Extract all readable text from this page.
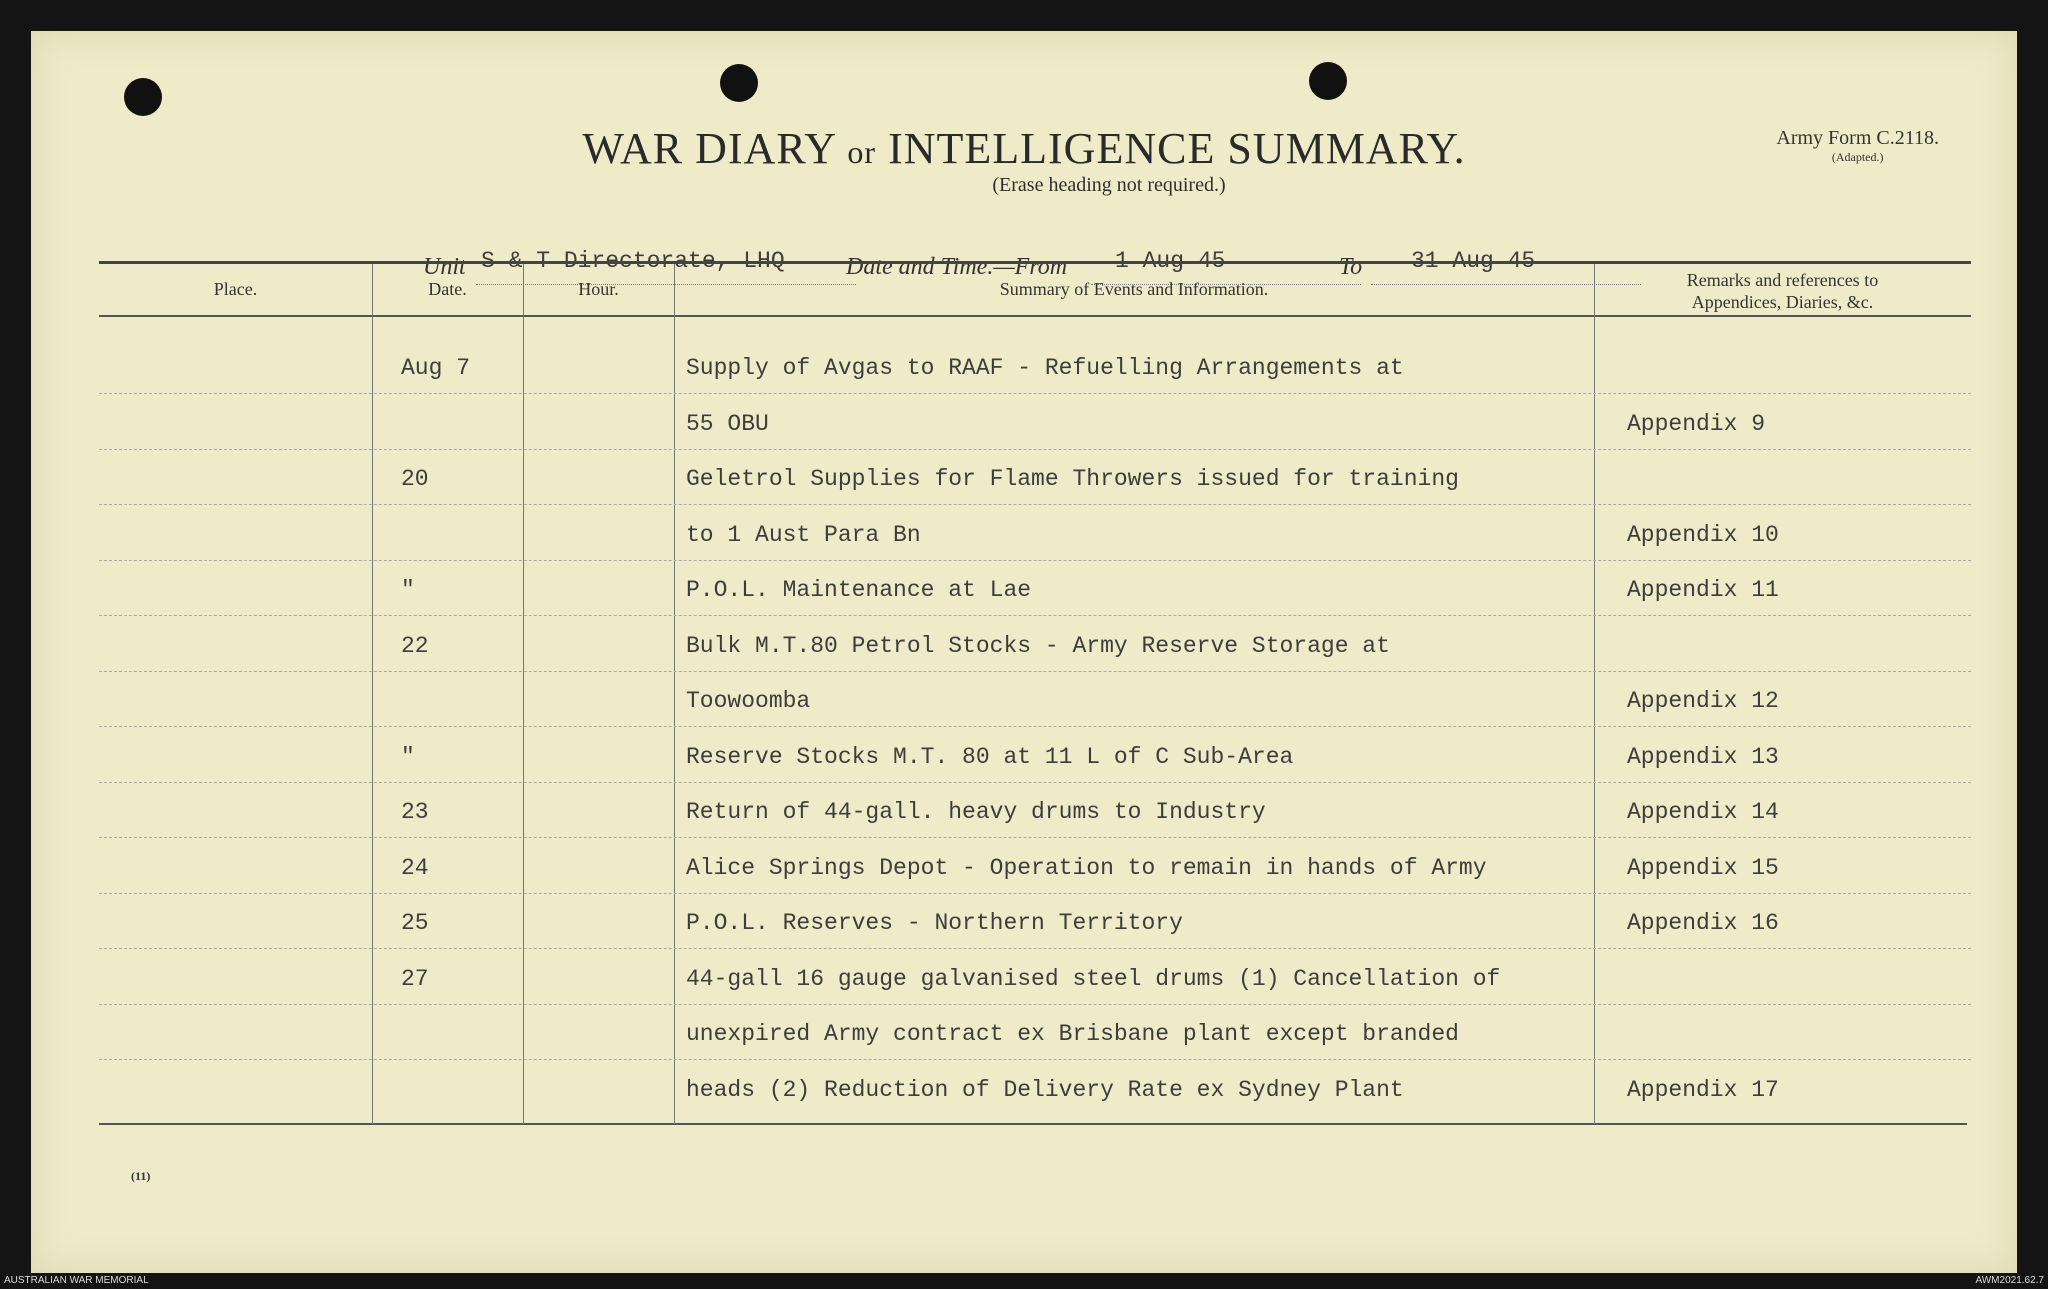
WAR DIARY or INTELLIGENCE SUMMARY.
(Erase heading not required.)
Army Form C.2118.
(Adapted.)
Unit S & T Directorate, LHQ	Date and Time.—From 1 Aug 45	To 31 Aug 45
Place.	Date.	Hour.	Summary of Events and Information.	Remarks and references to
Appendices, Diaries, &c.
Aug 7	Supply of Avgas to RAAF - Refuelling Arrangements at
55 OBU	Appendix 9
20	Geletrol Supplies for Flame Throwers issued for training
to 1 Aust Para Bn	Appendix 10
"	P.O.L. Maintenance at Lae	Appendix 11
22	Bulk M.T.80 Petrol Stocks - Army Reserve Storage at
Toowoomba	Appendix 12
"	Reserve Stocks M.T. 80 at 11 L of C Sub-Area	Appendix 13
23	Return of 44-gall. heavy drums to Industry	Appendix 14
24	Alice Springs Depot - Operation to remain in hands of Army	Appendix 15
25	P.O.L. Reserves - Northern Territory	Appendix 16
27	44-gall 16 gauge galvanised steel drums (1) Cancellation of
unexpired Army contract ex Brisbane plant except branded
heads (2) Reduction of Delivery Rate ex Sydney Plant	Appendix 17
(11)
AUSTRALIAN WAR MEMORIAL	AWM2021.62.7
